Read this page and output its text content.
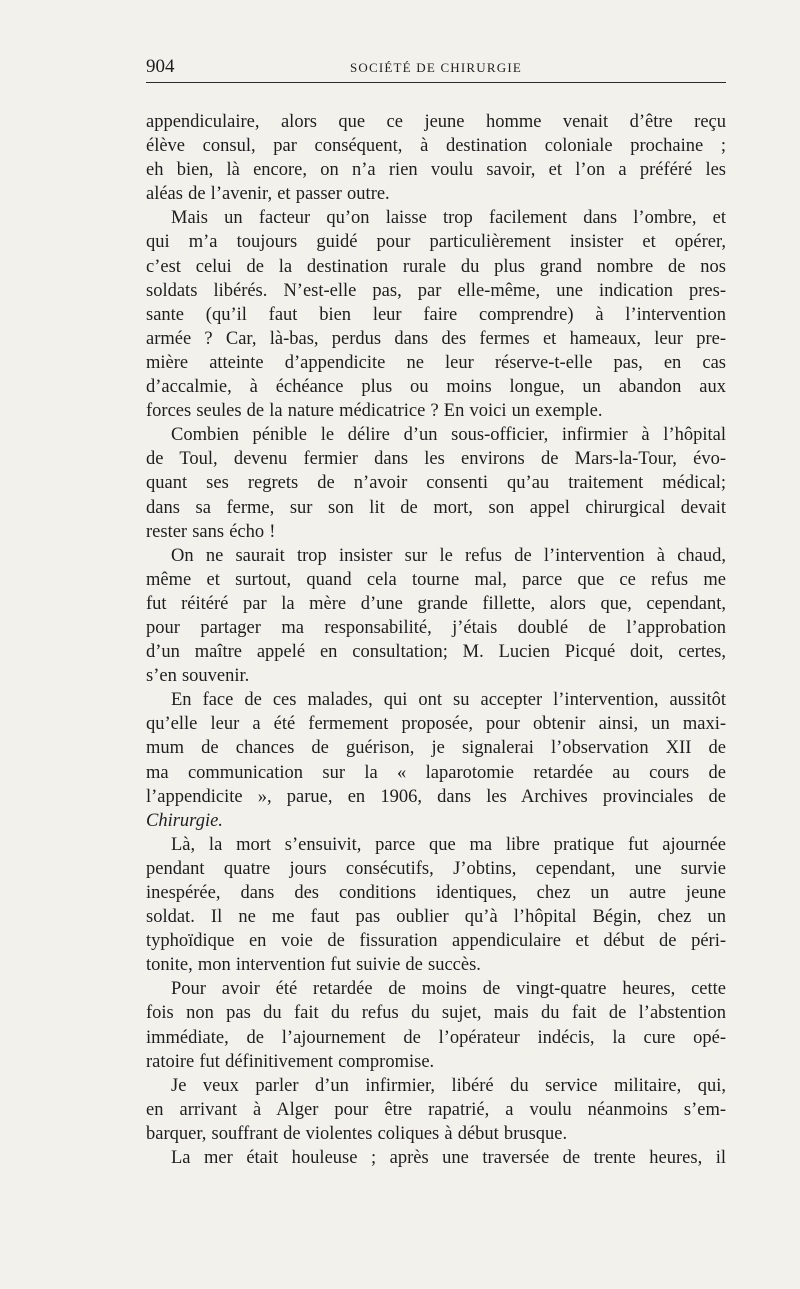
904	SOCIÉTÉ DE CHIRURGIE
appendiculaire, alors que ce jeune homme venait d’être reçu
élève consul, par conséquent, à destination coloniale prochaine ;
eh bien, là encore, on n’a rien voulu savoir, et l’on a préféré les
aléas de l’avenir, et passer outre.
Mais un facteur qu’on laisse trop facilement dans l’ombre, et
qui m’a toujours guidé pour particulièrement insister et opérer,
c’est celui de la destination rurale du plus grand nombre de nos
soldats libérés. N’est-elle pas, par elle-même, une indication pres-
sante (qu’il faut bien leur faire comprendre) à l’intervention
armée ? Car, là-bas, perdus dans des fermes et hameaux, leur pre-
mière atteinte d’appendicite ne leur réserve-t-elle pas, en cas
d’accalmie, à échéance plus ou moins longue, un abandon aux
forces seules de la nature médicatrice ? En voici un exemple.
Combien pénible le délire d’un sous-officier, infirmier à l’hôpital
de Toul, devenu fermier dans les environs de Mars-la-Tour, évo-
quant ses regrets de n’avoir consenti qu’au traitement médical;
dans sa ferme, sur son lit de mort, son appel chirurgical devait
rester sans écho !
On ne saurait trop insister sur le refus de l’intervention à chaud,
même et surtout, quand cela tourne mal, parce que ce refus me
fut réitéré par la mère d’une grande fillette, alors que, cependant,
pour partager ma responsabilité, j’étais doublé de l’approbation
d’un maître appelé en consultation; M. Lucien Picqué doit, certes,
s’en souvenir.
En face de ces malades, qui ont su accepter l’intervention, aussitôt
qu’elle leur a été fermement proposée, pour obtenir ainsi, un maxi-
mum de chances de guérison, je signalerai l’observation XII de
ma communication sur la « laparotomie retardée au cours de
l’appendicite », parue, en 1906, dans les Archives provinciales de
Chirurgie.
Là, la mort s’ensuivit, parce que ma libre pratique fut ajournée
pendant quatre jours consécutifs, J’obtins, cependant, une survie
inespérée, dans des conditions identiques, chez un autre jeune
soldat. Il ne me faut pas oublier qu’à l’hôpital Bégin, chez un
typhoïdique en voie de fissuration appendiculaire et début de péri-
tonite, mon intervention fut suivie de succès.
Pour avoir été retardée de moins de vingt-quatre heures, cette
fois non pas du fait du refus du sujet, mais du fait de l’abstention
immédiate, de l’ajournement de l’opérateur indécis, la cure opé-
ratoire fut définitivement compromise.
Je veux parler d’un infirmier, libéré du service militaire, qui,
en arrivant à Alger pour être rapatrié, a voulu néanmoins s’em-
barquer, souffrant de violentes coliques à début brusque.
La mer était houleuse ; après une traversée de trente heures, il
